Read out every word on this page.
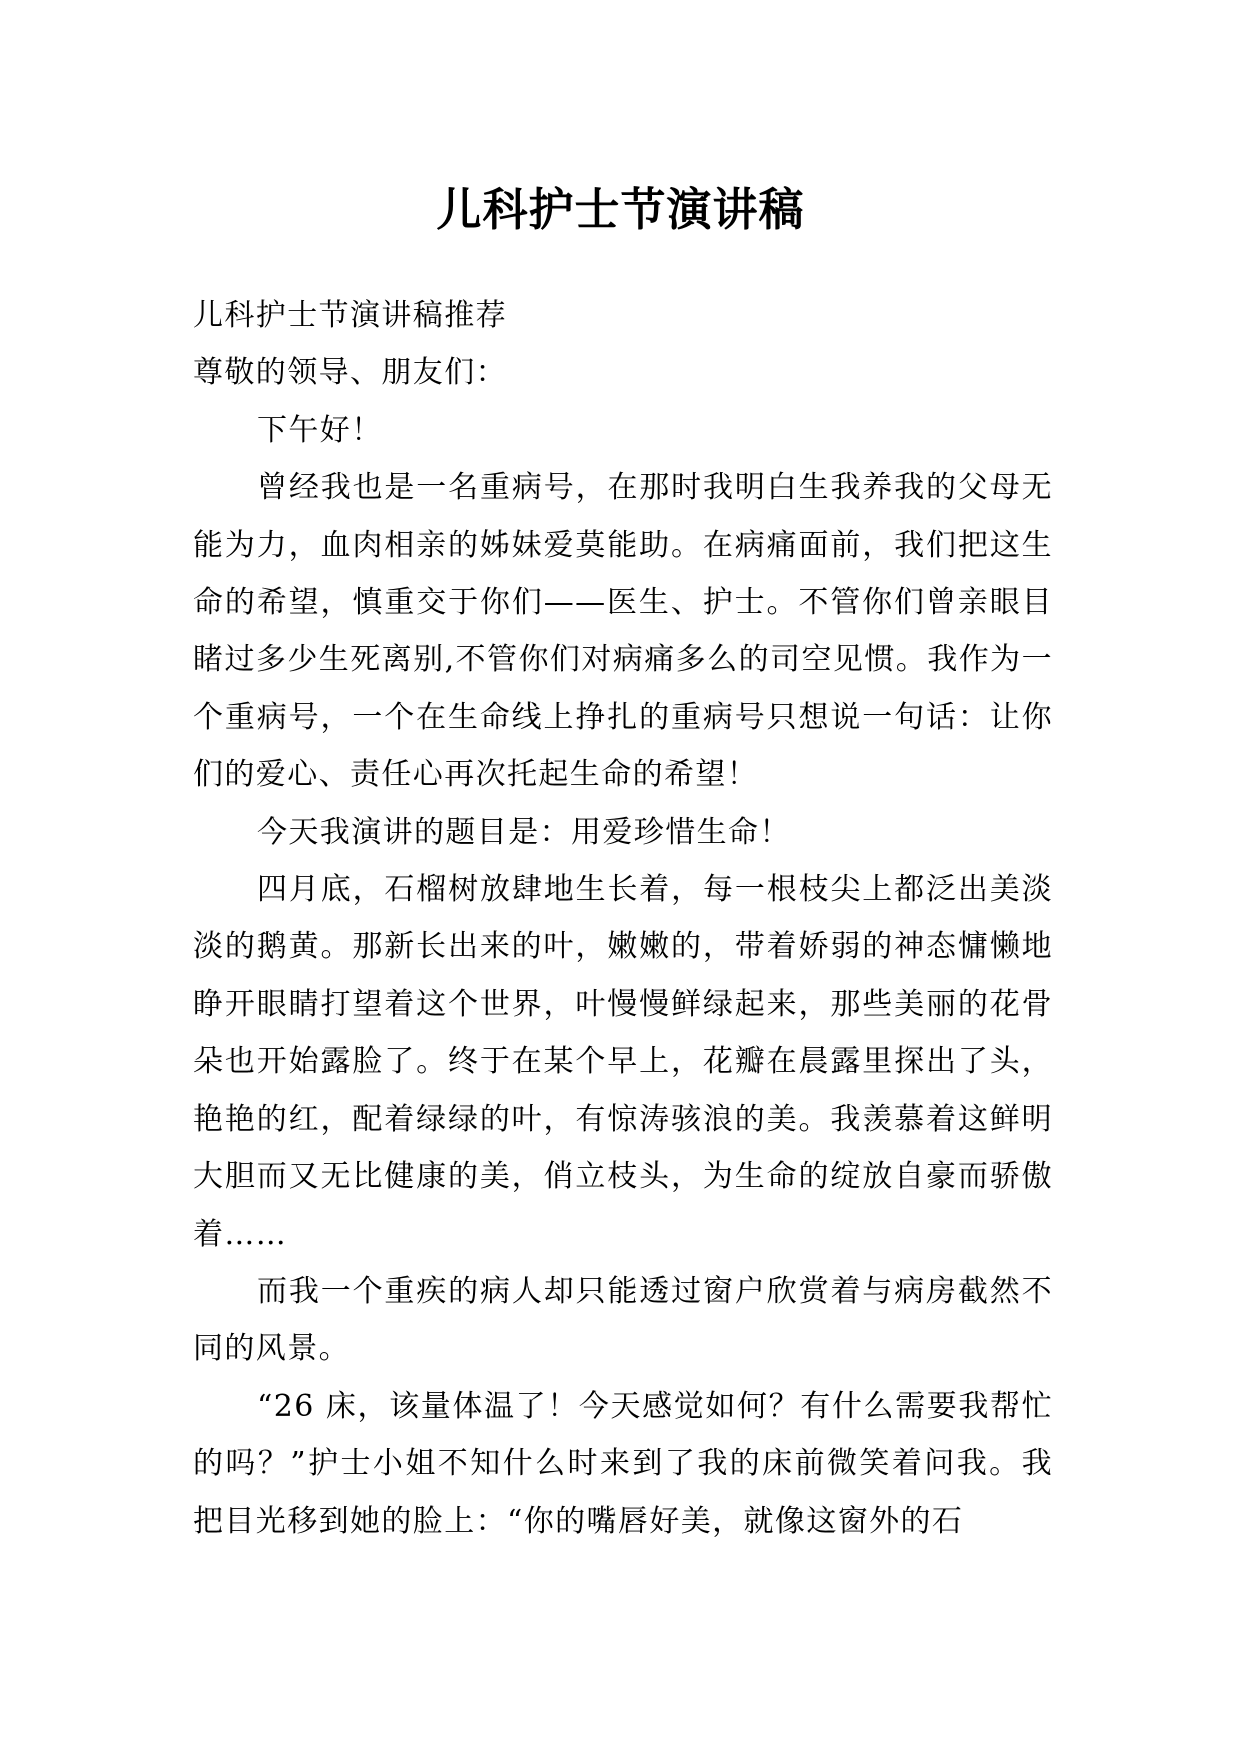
儿科护士节演讲稿

儿科护士节演讲稿推荐

尊敬的领导、朋友们：

下午好！

曾经我也是一名重病号，在那时我明白生我养我的父母无能为力，血肉相亲的姊妹爱莫能助。在病痛面前，我们把这生命的希望，慎重交于你们——医生、护士。不管你们曾亲眼目睹过多少生死离别,不管你们对病痛多么的司空见惯。我作为一个重病号，一个在生命线上挣扎的重病号只想说一句话：让你们的爱心、责任心再次托起生命的希望！

今天我演讲的题目是：用爱珍惜生命！

四月底，石榴树放肆地生长着，每一根枝尖上都泛出美淡淡的鹅黄。那新长出来的叶，嫩嫩的，带着娇弱的神态慵懒地睁开眼睛打望着这个世界，叶慢慢鲜绿起来，那些美丽的花骨朵也开始露脸了。终于在某个早上，花瓣在晨露里探出了头，艳艳的红，配着绿绿的叶，有惊涛骇浪的美。我羡慕着这鲜明大胆而又无比健康的美，俏立枝头，为生命的绽放自豪而骄傲着……

而我一个重疾的病人却只能透过窗户欣赏着与病房截然不同的风景。

“26 床，该量体温了！今天感觉如何？有什么需要我帮忙的吗？”护士小姐不知什么时来到了我的床前微笑着问我。我把目光移到她的脸上：“你的嘴唇好美，就像这窗外的石
